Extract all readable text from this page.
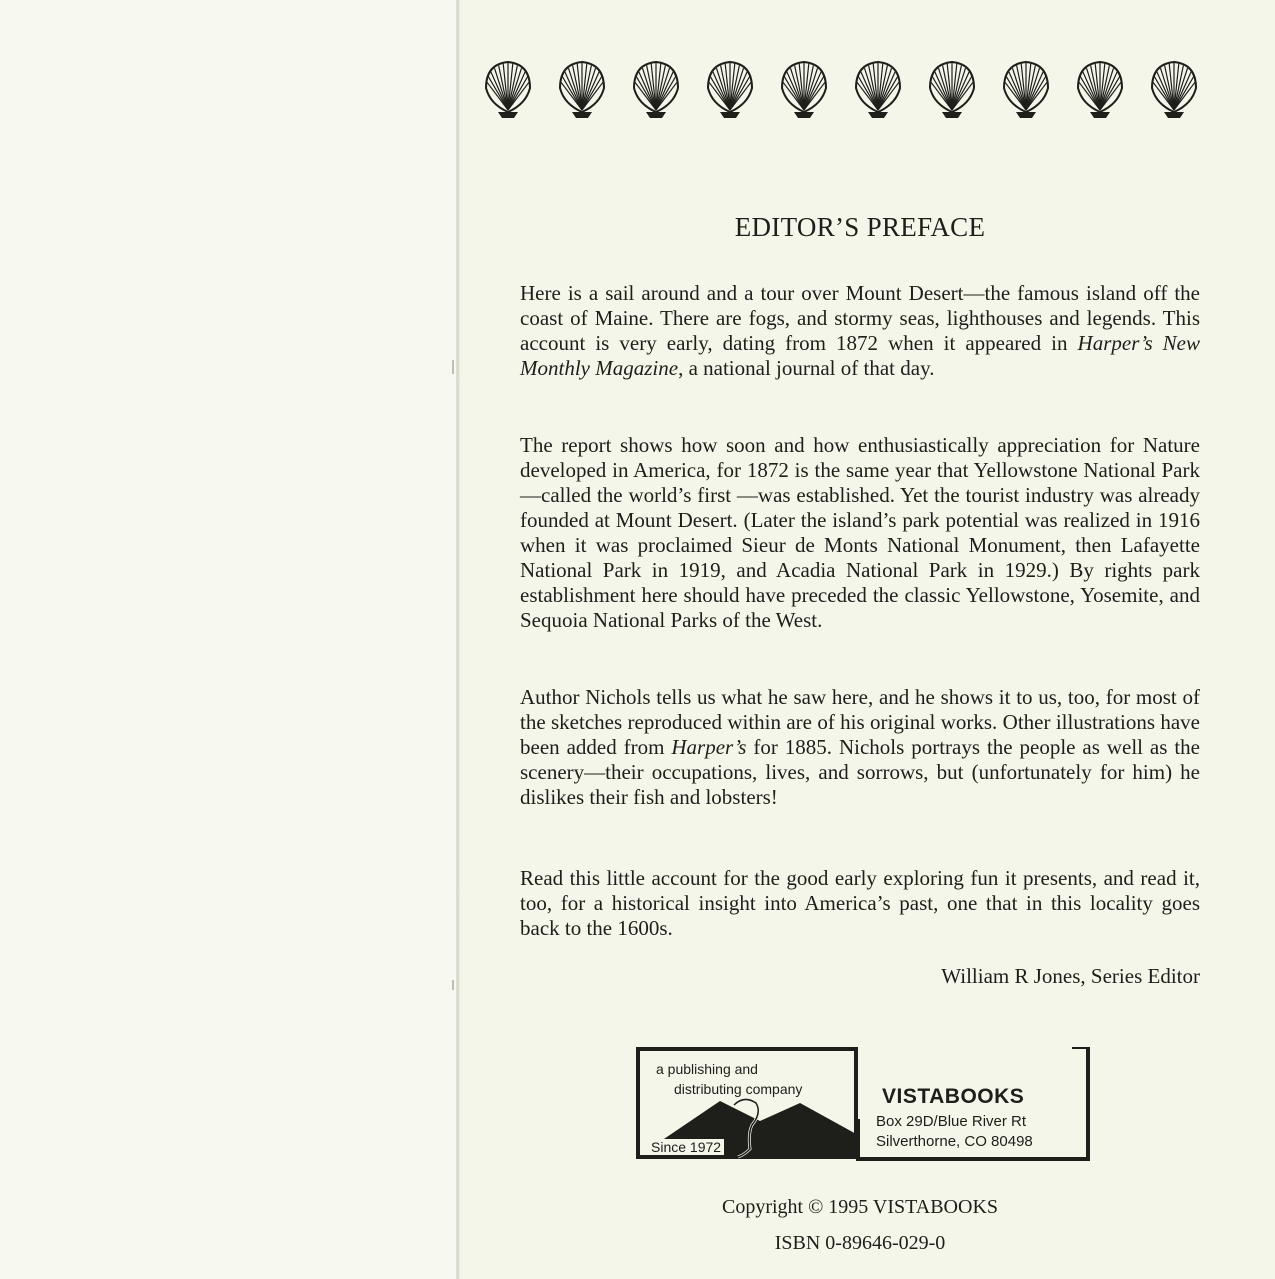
EDITOR’S PREFACE

Here is a sail around and a tour over Mount Desert—the famous island off the coast of Maine. There are fogs, and stormy seas, lighthouses and legends. This account is very early, dating from 1872 when it appeared in Harper’s New Monthly Magazine, a national journal of that day.

The report shows how soon and how enthusiastically appreciation for Nature developed in America, for 1872 is the same year that Yellowstone National Park—called the world’s first —was established. Yet the tourist industry was already founded at Mount Desert. (Later the island’s park potential was realized in 1916 when it was proclaimed Sieur de Monts National Monument, then Lafayette National Park in 1919, and Acadia National Park in 1929.) By rights park establishment here should have preceded the classic Yellowstone, Yosemite, and Sequoia National Parks of the West.

Author Nichols tells us what he saw here, and he shows it to us, too, for most of the sketches reproduced within are of his original works. Other illustrations have been added from Harper’s for 1885. Nichols portrays the people as well as the scenery—their occupations, lives, and sorrows, but (unfortunately for him) he dislikes their fish and lobsters!

Read this little account for the good early exploring fun it presents, and read it, too, for a historical insight into America’s past, one that in this locality goes back to the 1600s.

William R Jones, Series Editor
a publishing and
distributing company
Since 1972
VISTABOOKS
Box 29D/Blue River Rt
Silverthorne, CO 80498
Copyright © 1995 VISTABOOKS
ISBN 0-89646-029-0
